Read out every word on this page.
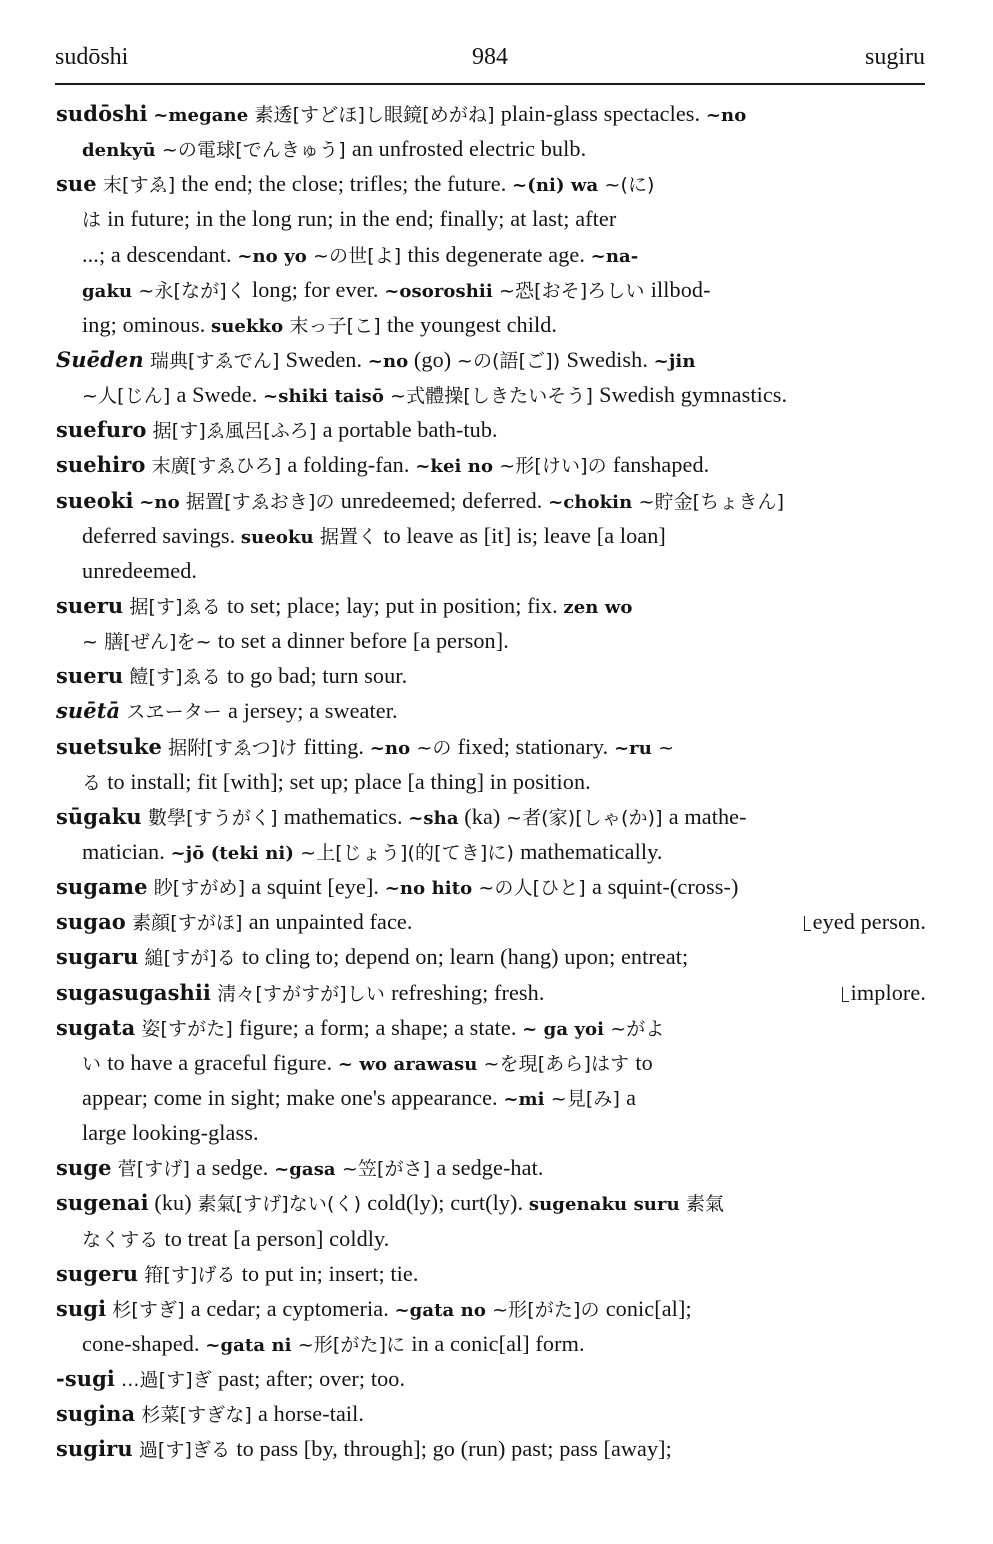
sudōshi	984	sugiru
sudōshi ~megane 素透[すどほ]し眼鏡[めがね] plain-glass spectacles. ~no
denkyū ~の電球[でんきゅう] an unfrosted electric bulb.
sue 末[すゑ] the end; the close; trifles; the future. ~(ni) wa ~(に)
は in future; in the long run; in the end; finally; at last; after
...; a descendant. ~no yo ~の世[よ] this degenerate age. ~na-
gaku ~永[なが]く long; for ever. ~osoroshii ~恐[おそ]ろしい illbod-
ing; ominous. suekko 末っ子[こ] the youngest child.
Suēden 瑞典[すゑでん] Sweden. ~no (go) ~の(語[ご]) Swedish. ~jin
~人[じん] a Swede. ~shiki taisō ~式體操[しきたいそう] Swedish gymnastics.
suefuro 据[す]ゑ風呂[ふろ] a portable bath-tub.
suehiro 末廣[すゑひろ] a folding-fan. ~kei no ~形[けい]の fanshaped.
sueoki ~no 据置[すゑおき]の unredeemed; deferred. ~chokin ~貯金[ちょきん]
deferred savings. sueoku 据置く to leave as [it] is; leave [a loan]
unredeemed.
sueru 据[す]ゑる to set; place; lay; put in position; fix. zen wo
~ 膳[ぜん]を~ to set a dinner before [a person].
sueru 饐[す]ゑる to go bad; turn sour.
suētā スヱーター a jersey; a sweater.
suetsuke 据附[すゑつ]け fitting. ~no ~の fixed; stationary. ~ru ~
る to install; fit [with]; set up; place [a thing] in position.
sūgaku 數學[すうがく] mathematics. ~sha (ka) ~者(家)[しゃ(か)] a mathe-
matician. ~jō (teki ni) ~上[じょう](的[てき]に) mathematically.
sugame 眇[すがめ] a squint [eye]. ~no hito ~の人[ひと] a squint-(cross-)
sugao 素顔[すがほ] an unpainted face.	eyed person.
sugaru 縋[すが]る to cling to; depend on; learn (hang) upon; entreat;
sugasugashii 淸々[すがすが]しい refreshing; fresh.	implore.
sugata 姿[すがた] figure; a form; a shape; a state. ~ ga yoi ~がよ
い to have a graceful figure. ~ wo arawasu ~を現[あら]はす to
appear; come in sight; make one's appearance. ~mi ~見[み] a
large looking-glass.
suge 菅[すげ] a sedge. ~gasa ~笠[がさ] a sedge-hat.
sugenai (ku) 素氣[すげ]ない(く) cold(ly); curt(ly). sugenaku suru 素氣
なくする to treat [a person] coldly.
sugeru 箝[す]げる to put in; insert; tie.
sugi 杉[すぎ] a cedar; a cyptomeria. ~gata no ~形[がた]の conic[al];
cone-shaped. ~gata ni ~形[がた]に in a conic[al] form.
-sugi ...過[す]ぎ past; after; over; too.
sugina 杉菜[すぎな] a horse-tail.
sugiru 過[す]ぎる to pass [by, through]; go (run) past; pass [away];
